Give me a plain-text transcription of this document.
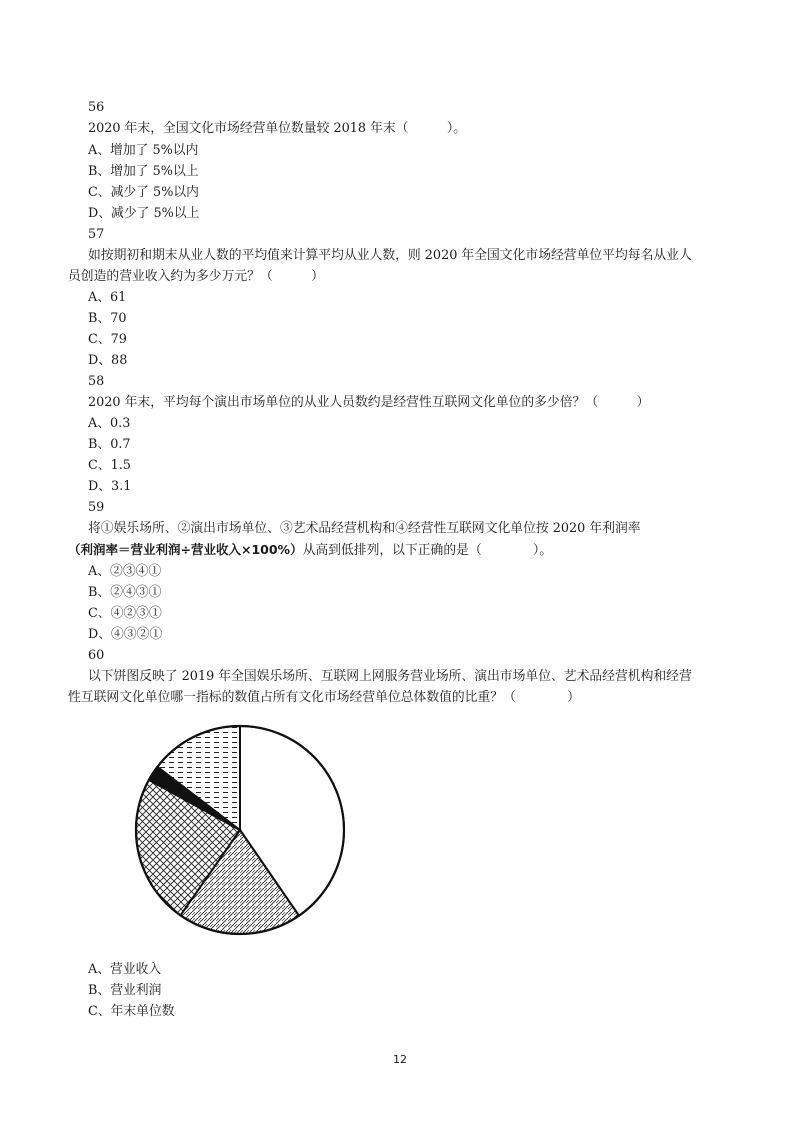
56
2020 年末，全国文化市场经营单位数量较 2018 年末（　　　）。
A、增加了 5%以内
B、增加了 5%以上
C、减少了 5%以内
D、减少了 5%以上
57
如按期初和期末从业人数的平均值来计算平均从业人数，则 2020 年全国文化市场经营单位平均每名从业人
员创造的营业收入约为多少万元？（　　　）
A、61
B、70
C、79
D、88
58
2020 年末，平均每个演出市场单位的从业人员数约是经营性互联网文化单位的多少倍？（　　　）
A、0.3
B、0.7
C、1.5
D、3.1
59
将①娱乐场所、②演出市场单位、③艺术品经营机构和④经营性互联网文化单位按 2020 年利润率
（利润率＝营业利润÷营业收入×100%）从高到低排列，以下正确的是（　　　　）。
A、②③④①
B、②④③①
C、④②③①
D、④③②①
60
以下饼图反映了 2019 年全国娱乐场所、互联网上网服务营业场所、演出市场单位、艺术品经营机构和经营
性互联网文化单位哪一指标的数值占所有文化市场经营单位总体数值的比重？（　　　　）
A、营业收入
B、营业利润
C、年末单位数
12
